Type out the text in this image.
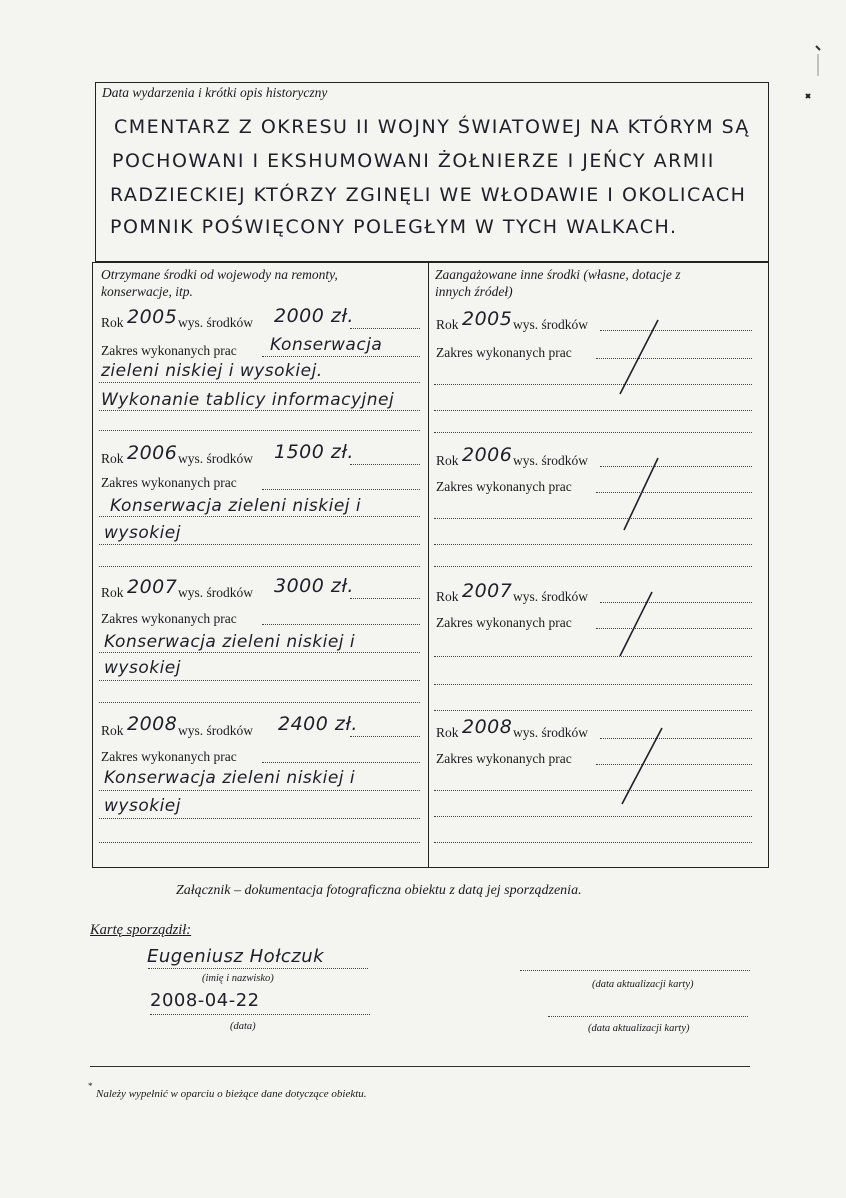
Data wydarzenia i krótki opis historyczny
CMENTARZ Z OKRESU II WOJNY ŚWIATOWEJ NA KTÓRYM SĄ
POCHOWANI I EKSHUMOWANI ŻOŁNIERZE I JEŃCY ARMII
RADZIECKIEJ KTÓRZY ZGINĘLI WE WŁODAWIE I OKOLICACH
POMNIK POŚWIĘCONY POLEGŁYM W TYCH WALKACH.
Otrzymane środki od wojewody na remonty,
konserwacje, itp.
Zaangażowane inne środki (własne, dotacje z
innych źródeł)
Rok 2005 wys. środków 2000 zł.
Zakres wykonanych prac Konserwacja
zieleni niskiej i wysokiej.
Wykonanie tablicy informacyjnej
Rok 2006 wys. środków 1500 zł.
Zakres wykonanych prac
Konserwacja zieleni niskiej i
wysokiej
Rok 2007 wys. środków 3000 zł.
Zakres wykonanych prac
Konserwacja zieleni niskiej i
wysokiej
Rok 2008 wys. środków 2400 zł.
Zakres wykonanych prac
Konserwacja zieleni niskiej i
wysokiej
Rok 2005 wys. środków
Zakres wykonanych prac
Rok 2006 wys. środków
Zakres wykonanych prac
Rok 2007 wys. środków
Zakres wykonanych prac
Rok 2008 wys. środków
Zakres wykonanych prac
Załącznik – dokumentacja fotograficzna obiektu z datą jej sporządzenia.
Kartę sporządził:
Eugeniusz Hołczuk
(imię i nazwisko)
2008-04-22
(data)
(data aktualizacji karty)
(data aktualizacji karty)
*
Należy wypełnić w oparciu o bieżące dane dotyczące obiektu.
